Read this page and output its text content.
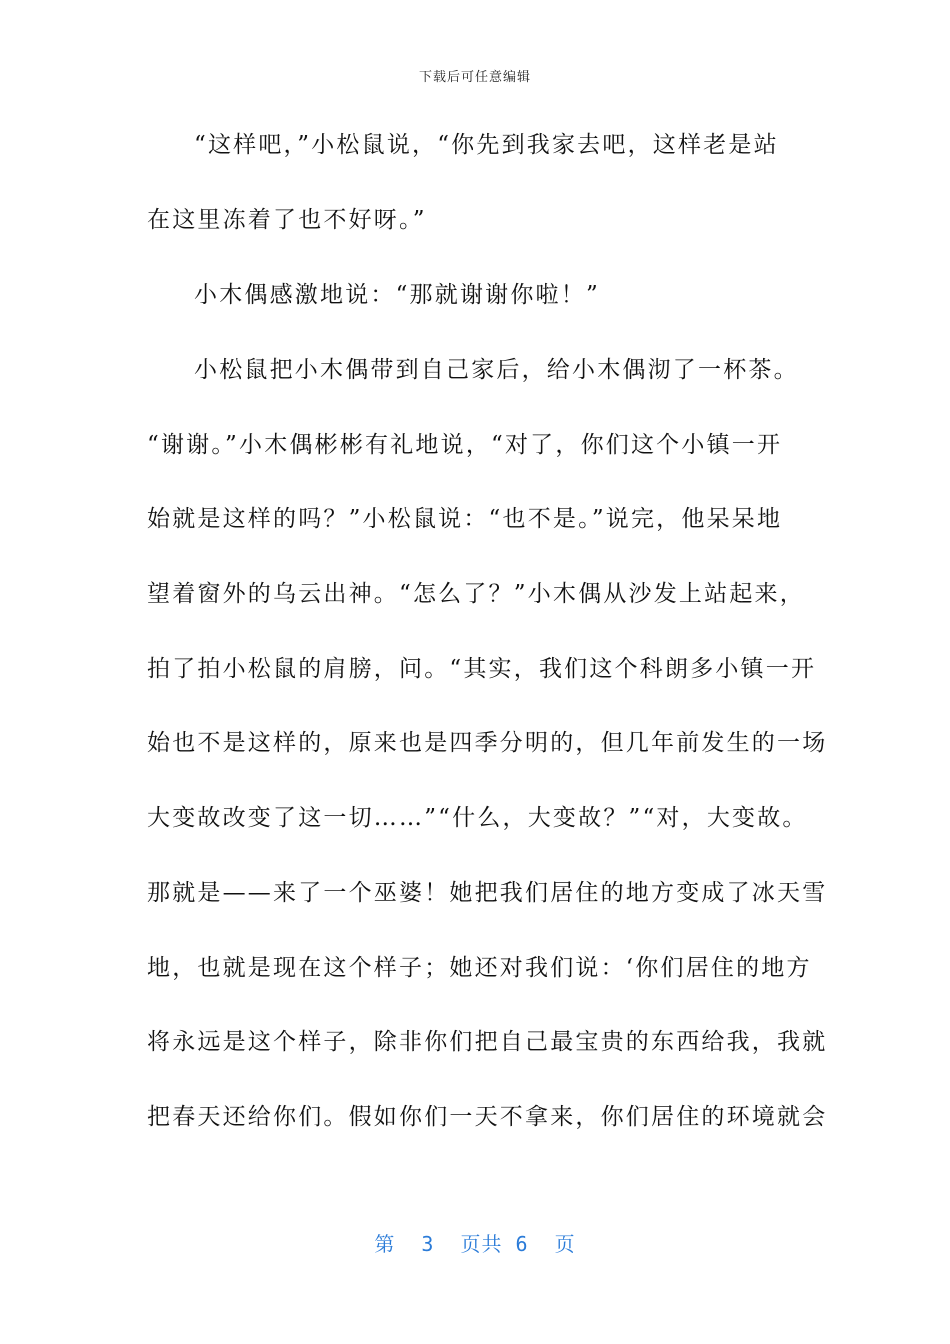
下载后可任意编辑
“这样吧，”小松鼠说，“你先到我家去吧，这样老是站
在这里冻着了也不好呀。”
小木偶感激地说：“那就谢谢你啦！”
小松鼠把小木偶带到自己家后，给小木偶沏了一杯茶。
“谢谢。”小木偶彬彬有礼地说，“对了，你们这个小镇一开
始就是这样的吗？”小松鼠说：“也不是。”说完，他呆呆地
望着窗外的乌云出神。“怎么了？”小木偶从沙发上站起来，
拍了拍小松鼠的肩膀，问。“其实，我们这个科朗多小镇一开
始也不是这样的，原来也是四季分明的，但几年前发生的一场
大变故改变了这一切……”“什么，大变故？”“对，大变故。
那就是——来了一个巫婆！她把我们居住的地方变成了冰天雪
地，也就是现在这个样子；她还对我们说：‘你们居住的地方
将永远是这个样子，除非你们把自己最宝贵的东西给我，我就
把春天还给你们。假如你们一天不拿来，你们居住的环境就会
第  3  页共 6  页
